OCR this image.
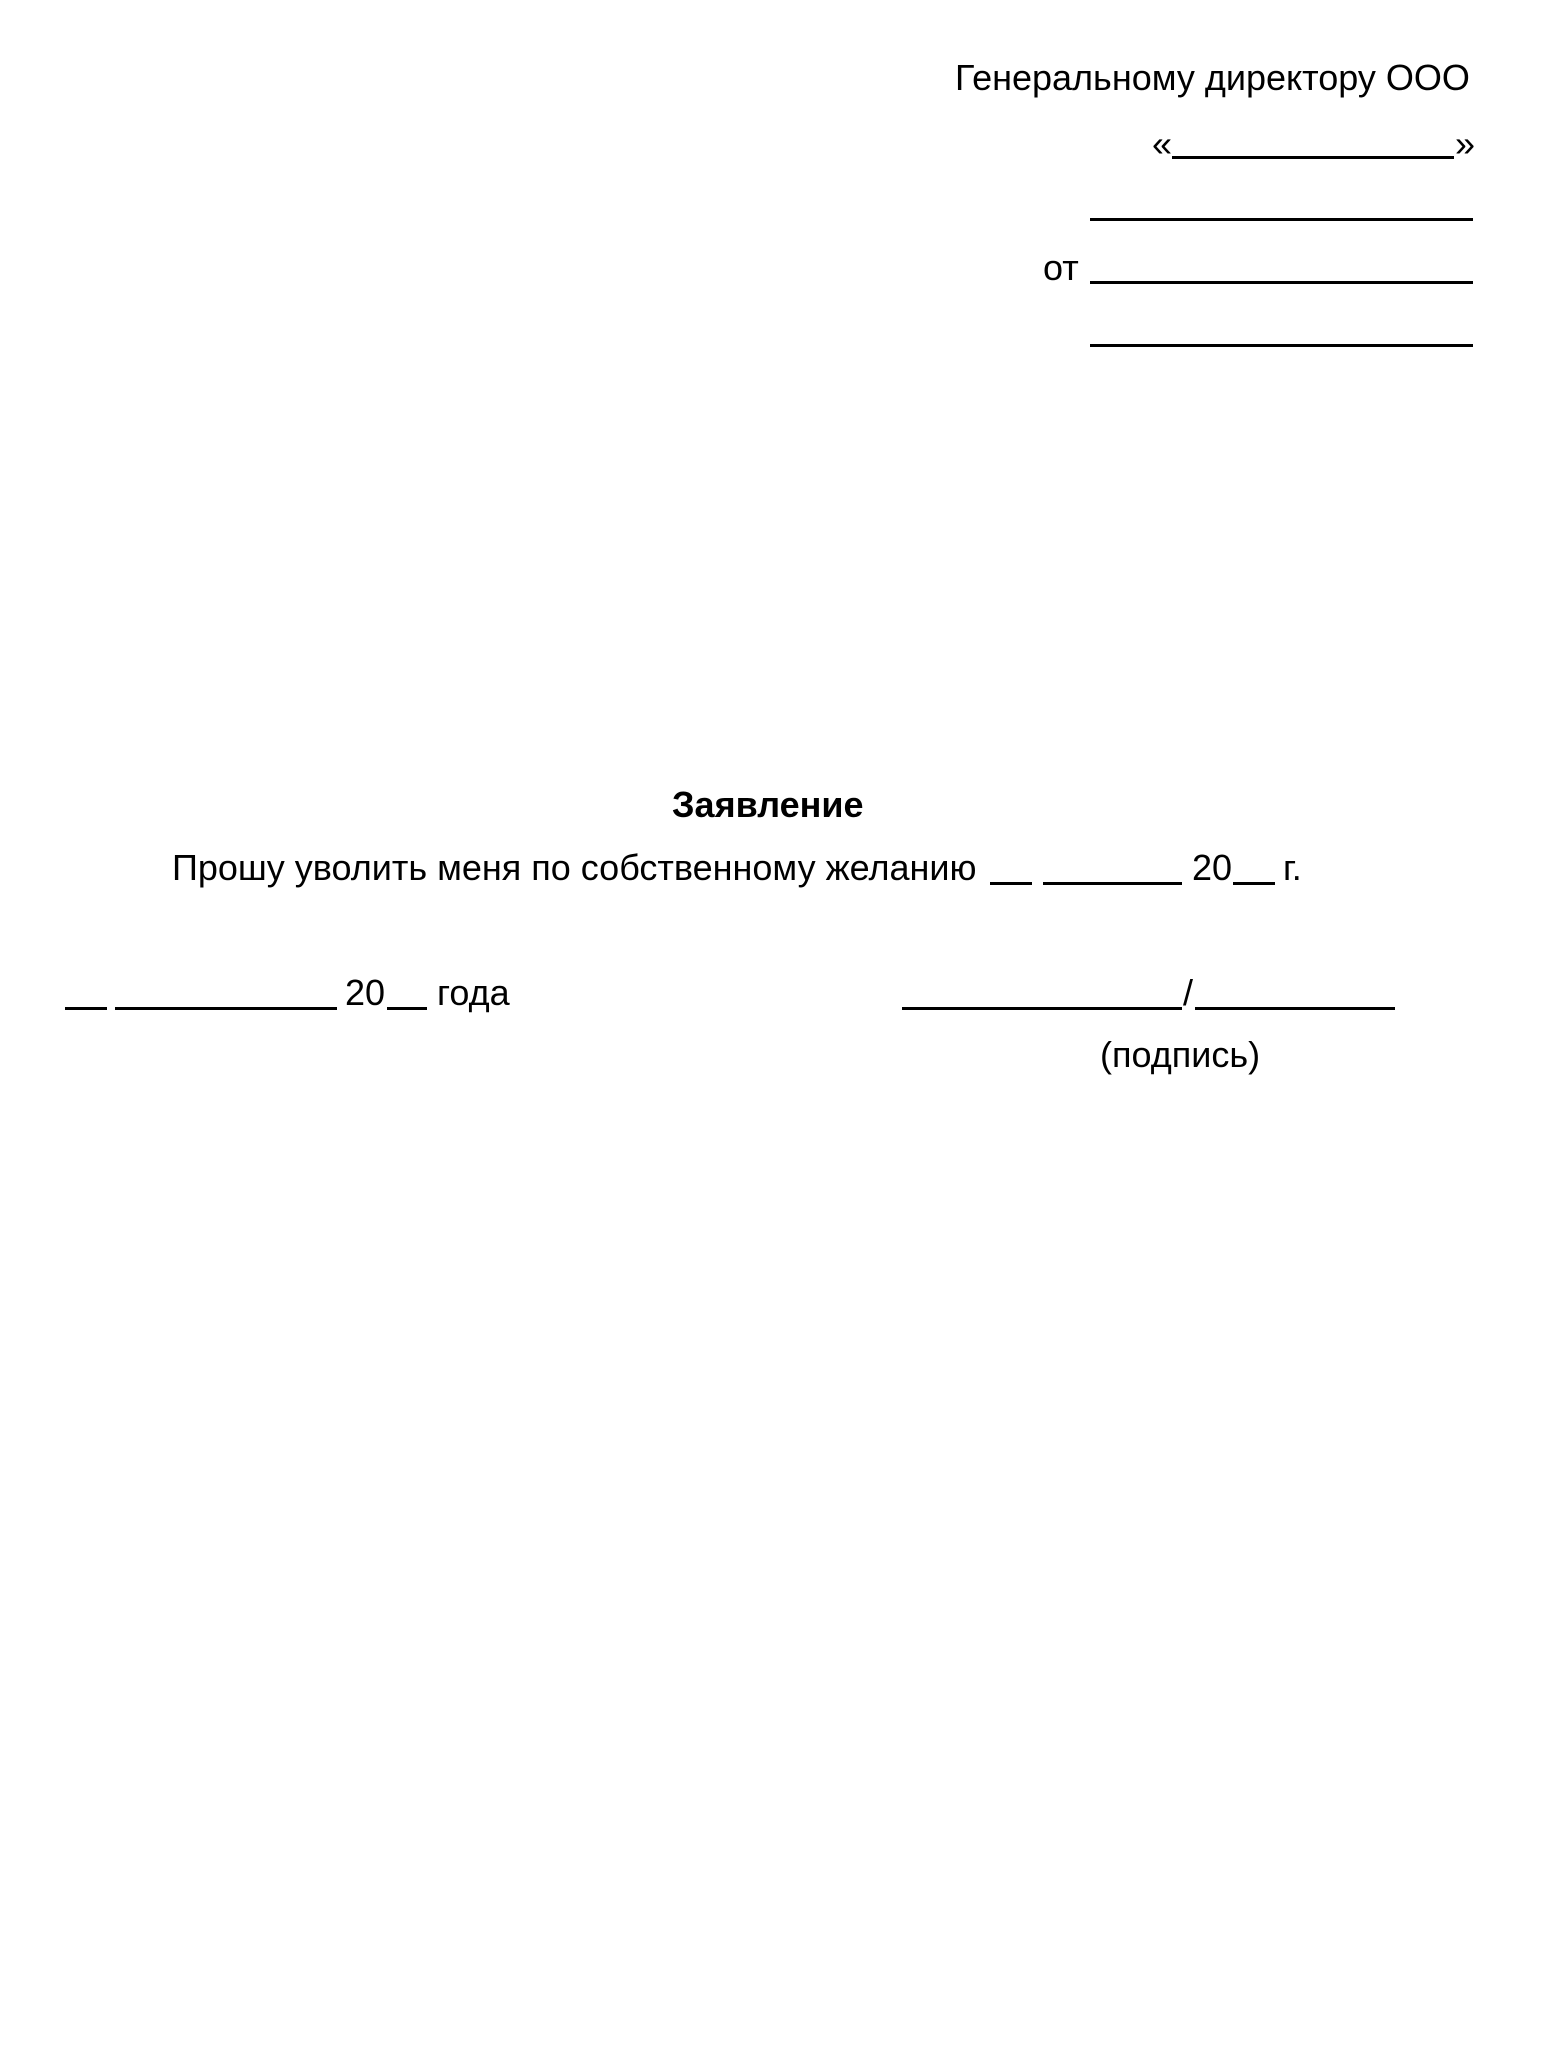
Генеральному директору ООО
«	»
от
Заявление
Прошу уволить меня по собственному желанию	20 г.
20 года	/
(подпись)
